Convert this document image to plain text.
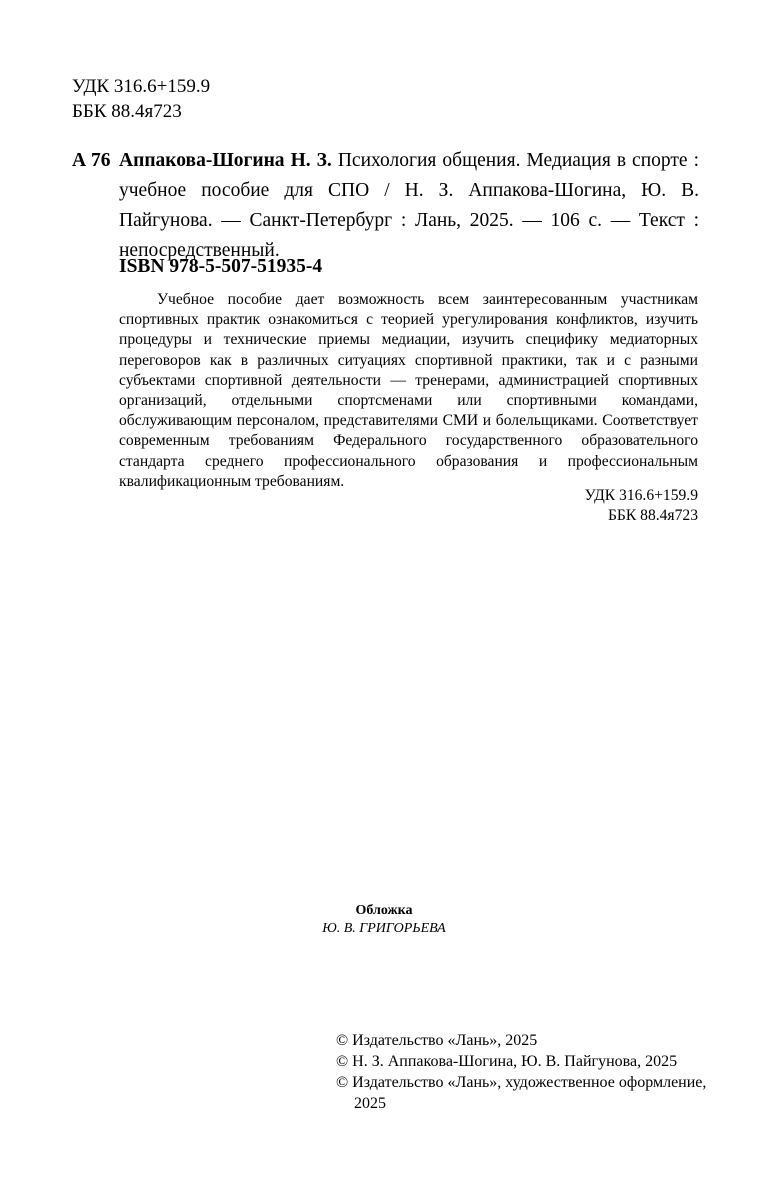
УДК 316.6+159.9
ББК 88.4я723
А 76 Аппакова-Шогина Н. З. Психология общения. Медиация в спорте : учебное пособие для СПО / Н. З. Аппакова-Шогина, Ю. В. Пайгунова. — Санкт-Петербург : Лань, 2025. — 106 с. — Текст : непосредственный.
ISBN 978-5-507-51935-4

Учебное пособие дает возможность всем заинтересованным участникам спортивных практик ознакомиться с теорией урегулирования конфликтов, изучить процедуры и технические приемы медиации, изучить специфику медиаторных переговоров как в различных ситуациях спортивной практики, так и с разными субъектами спортивной деятельности — тренерами, администрацией спортивных организаций, отдельными спортсменами или спортивными командами, обслуживающим персоналом, представителями СМИ и болельщиками. Соответствует современным требованиям Федерального государственного образовательного стандарта среднего профессионального образования и профессиональным квалификационным требованиям.

УДК 316.6+159.9
ББК 88.4я723
Обложка
Ю. В. ГРИГОРЬЕВА
© Издательство «Лань», 2025
© Н. З. Аппакова-Шогина, Ю. В. Пайгунова, 2025
© Издательство «Лань», художественное оформление, 2025
